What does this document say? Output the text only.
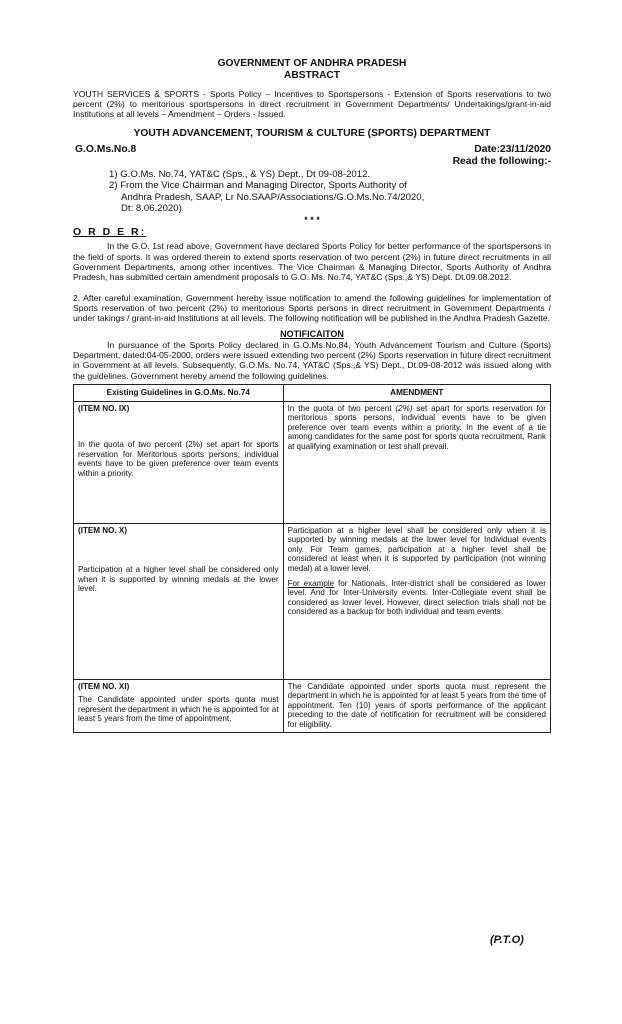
GOVERNMENT OF ANDHRA PRADESH
ABSTRACT
YOUTH SERVICES & SPORTS - Sports Policy – Incentives to Sportspersons - Extension of Sports reservations to two percent (2%) to meritorious sportspersons in direct recruitment in Government Departments/ Undertakings/grant-in-aid Institutions at all levels – Amendment – Orders - Issued.
YOUTH ADVANCEMENT, TOURISM & CULTURE (SPORTS) DEPARTMENT
G.O.Ms.No.8	Date:23/11/2020
Read the following:-
1) G.O.Ms. No.74, YAT&C (Sps., & YS) Dept., Dt 09-08-2012.
2) From the Vice Chairman and Managing Director, Sports Authority of
Andhra Pradesh, SAAP, Lr No.SAAP/Associations/G.O.Ms.No.74/2020,
Dt: 8.06.2020)
* * *
O R D E R:

In the G.O. 1st read above, Government have declared Sports Policy for better performance of the sportspersons in the field of sports. It was ordered therein to extend sports reservation of two percent (2%) in future direct recruitments in all Government Departments, among other incentives. The Vice Chairman & Managing Director, Sports Authority of Andhra Pradesh, has submitted certain amendment proposals to G.O. Ms. No.74, YAT&C (Sps.,& YS) Dept. Dt.09.08.2012.

2. After careful examination, Government hereby issue notification to amend the following guidelines for implementation of Sports reservation of two percent (2%) to meritorious Sports persons in direct recruitment in Government Departments / under takings / grant-in-aid Institutions at all levels. The following notification will be published in the Andhra Pradesh Gazette.

NOTIFICAITON

In pursuance of the Sports Policy declared in G.O.Ms.No.84, Youth Advancement Tourism and Culture (Sports) Department, dated:04-05-2000, orders were issued extending two percent (2%) Sports reservation in future direct recruitment in Government at all levels. Subsequently, G.O.Ms. No.74, YAT&C (Sps.,& YS) Dept., Dt.09-08-2012 was issued along with the guidelines. Government hereby amend the following guidelines.

Existing Guidelines in G.O.Ms. No.74	AMENDMENT

(ITEM NO. IX)
In the quota of two percent (2%) set apart for sports reservation for Meritorious sports persons, individual events have to be given preference over team events within a priority.	In the quota of two percent (2%) set apart for sports reservation for meritorious sports persons, individual events have to be given preference over team events within a priority. In the event of a tie among candidates for the same post for sports quota recruitment, Rank at qualifying examination or test shall prevail.

(ITEM NO. X)
Participation at a higher level shall be considered only when it is supported by winning medals at the lower level.	Participation at a higher level shall be considered only when it is supported by winning medals at the lower level for Individual events only. For Team games, participation at a higher level shall be considered at least when it is supported by participation (not winning medal) at a lower level.
For example for Nationals, Inter-district shall be considered as lower level. And for Inter-University events. Inter-Collegiate event shall be considered as lower level. However, direct selection trials shall not be considered as a backup for both individual and team events.

(ITEM NO. XI)
The Candidate appointed under sports quota must represent the department in which he is appointed for at least 5 years from the time of appointment.	The Candidate appointed under sports quota must represent the department in which he is appointed for at least 5 years from the time of appointment. Ten (10) years of sports performance of the applicant preceding to the date of notification for recruitment will be considered for eligibility.
(P.T.O)
